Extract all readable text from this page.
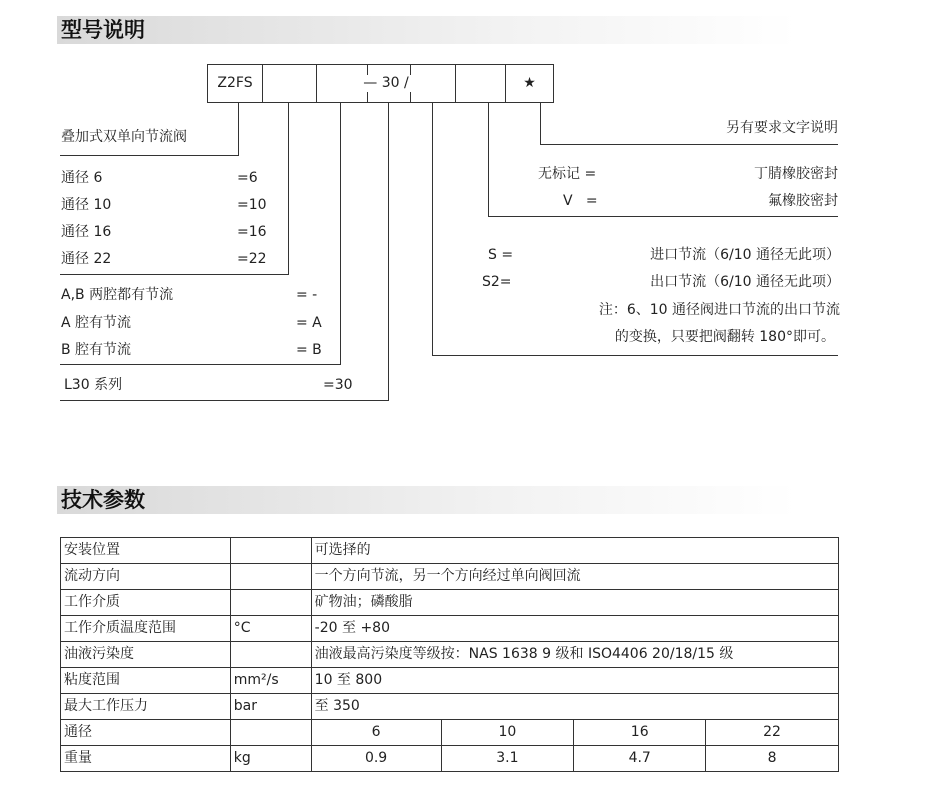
型号说明
Z2FS	— 30 /	★
叠加式双单向节流阀
通径 6	=6
通径 10	=10
通径 16	=16
通径 22	=22
A,B 两腔都有节流	= -
A 腔有节流	= A
B 腔有节流	= B
L30 系列	=30
另有要求文字说明
无标记 =	丁腈橡胶密封
V   =	氟橡胶密封
S =	进口节流（6/10 通径无此项）
S2=	出口节流（6/10 通径无此项）
注：6、10 通径阀进口节流的出口节流
的变换，只要把阀翻转 180°即可。
技术参数
安装位置		可选择的			
流动方向		一个方向节流，另一个方向经过单向阀回流			
工作介质		矿物油；磷酸脂			
工作介质温度范围	°C	-20 至 +80			
油液污染度		油液最高污染度等级按：NAS 1638 9 级和 ISO4406 20/18/15 级			
粘度范围	mm²/s	10 至 800			
最大工作压力	bar	至 350			
通径		6	10	16	22
重量	kg	0.9	3.1	4.7	8
